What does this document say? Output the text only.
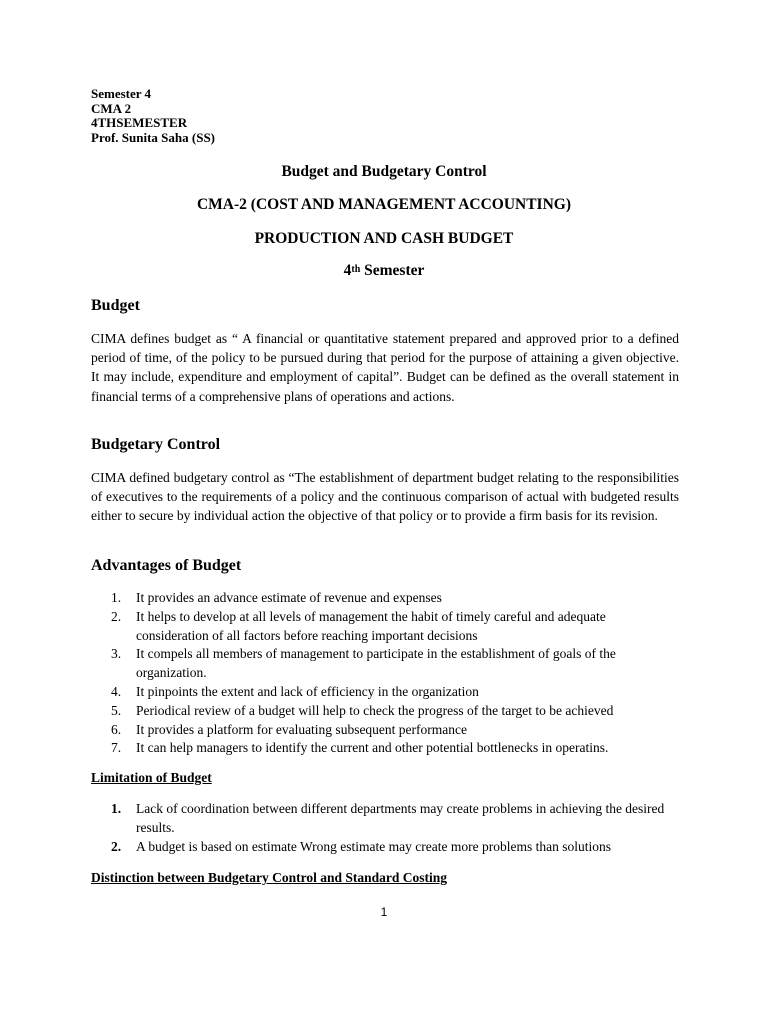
Semester 4
CMA 2
4THSEMESTER
Prof. Sunita Saha (SS)
Budget and Budgetary Control
CMA-2 (COST AND MANAGEMENT ACCOUNTING)
PRODUCTION AND CASH BUDGET
4th Semester
Budget

CIMA defines budget as “ A financial or quantitative statement prepared and approved prior to a defined period of time, of the policy to be pursued during that period for the purpose of attaining a given objective. It may include, expenditure and employment of capital”. Budget can be defined as the overall statement in financial terms of a comprehensive plans of operations and actions.

Budgetary Control

CIMA defined budgetary control as “The establishment of department budget relating to the responsibilities of executives to the requirements of a policy and the continuous comparison of actual with budgeted results either to secure by individual action the objective of that policy or to provide a firm basis for its revision.

Advantages of Budget
1. It provides an advance estimate of revenue and expenses
2. It helps to develop at all levels of management the habit of timely careful and adequate consideration of all factors before reaching important decisions
3. It compels all members of management to participate in the establishment of goals of the organization.
4. It pinpoints the extent and lack of efficiency in the organization
5. Periodical review of a budget will help to check the progress of the target to be achieved
6. It provides a platform for evaluating subsequent performance
7. It can help managers to identify the current and other potential bottlenecks in operatins.
Limitation of Budget
1. Lack of coordination between different departments may create problems in achieving the desired results.
2. A budget is based on estimate Wrong estimate may create more problems than solutions
Distinction between Budgetary Control and Standard Costing
1
